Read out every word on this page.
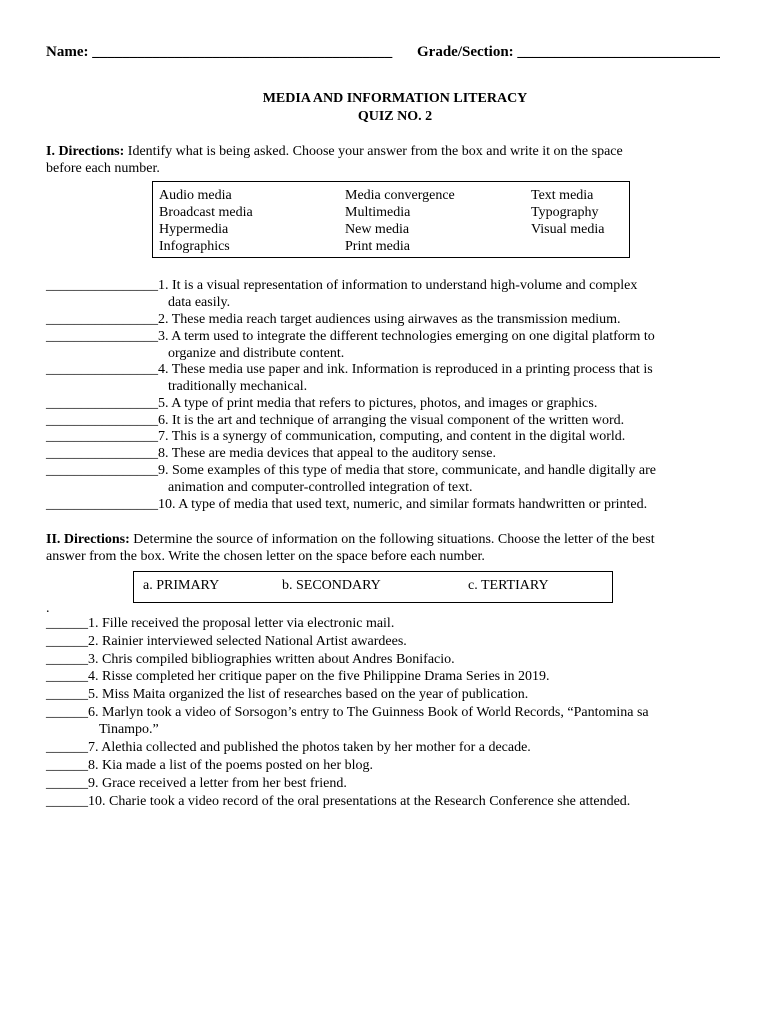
Name: ________________________________________ Grade/Section: ___________________________
MEDIA AND INFORMATION LITERACY
QUIZ NO. 2
I. Directions: Identify what is being asked. Choose your answer from the box and write it on the space
before each number.
Audio media
Broadcast media
Hypermedia
Infographics
Media convergence
Multimedia
New media
Print media
Text media
Typography
Visual media
________________1. It is a visual representation of information to understand high-volume and complex
data easily.
________________2. These media reach target audiences using airwaves as the transmission medium.
________________3. A term used to integrate the different technologies emerging on one digital platform to
organize and distribute content.
________________4. These media use paper and ink. Information is reproduced in a printing process that is
traditionally mechanical.
________________5. A type of print media that refers to pictures, photos, and images or graphics.
________________6. It is the art and technique of arranging the visual component of the written word.
________________7. This is a synergy of communication, computing, and content in the digital world.
________________8. These are media devices that appeal to the auditory sense.
________________9. Some examples of this type of media that store, communicate, and handle digitally are
animation and computer-controlled integration of text.
________________10. A type of media that used text, numeric, and similar formats handwritten or printed.
II. Directions: Determine the source of information on the following situations. Choose the letter of the best
answer from the box. Write the chosen letter on the space before each number.
a. PRIMARY	b. SECONDARY	c. TERTIARY
.
______1. Fille received the proposal letter via electronic mail.
______2. Rainier interviewed selected National Artist awardees.
______3. Chris compiled bibliographies written about Andres Bonifacio.
______4. Risse completed her critique paper on the five Philippine Drama Series in 2019.
______5. Miss Maita organized the list of researches based on the year of publication.
______6. Marlyn took a video of Sorsogon’s entry to The Guinness Book of World Records, “Pantomina sa
Tinampo.”
______7. Alethia collected and published the photos taken by her mother for a decade.
______8. Kia made a list of the poems posted on her blog.
______9. Grace received a letter from her best friend.
______10. Charie took a video record of the oral presentations at the Research Conference she attended.
